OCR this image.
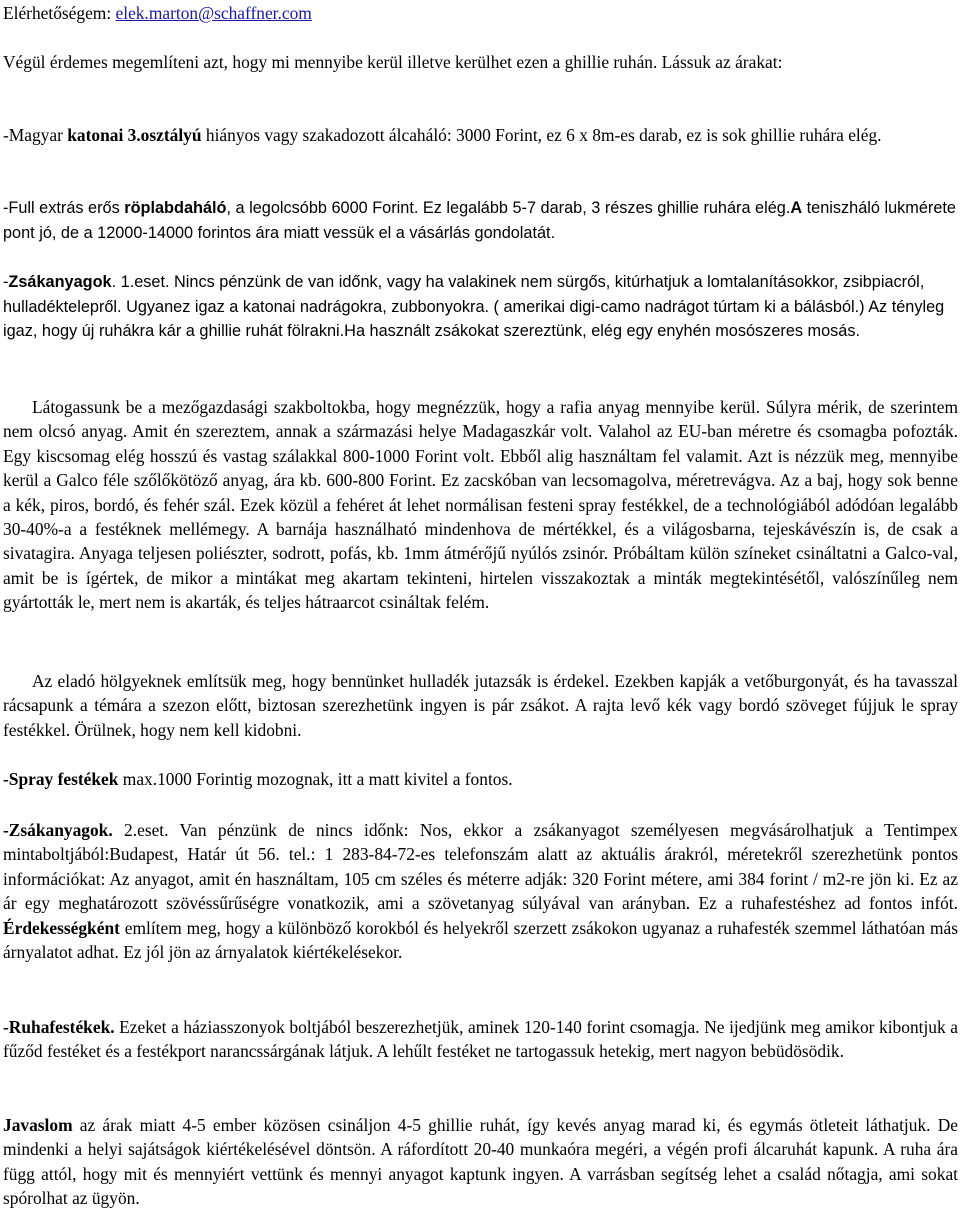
Elérhetőségem: elek.marton@schaffner.com

Végül érdemes megemlíteni azt, hogy mi mennyibe kerül illetve kerülhet ezen a ghillie ruhán. Lássuk az árakat:

-Magyar katonai 3.osztályú hiányos vagy szakadozott álcaháló: 3000 Forint, ez 6 x 8m-es darab, ez is sok ghillie ruhára elég.

-Full extrás erős röplabdaháló, a legolcsóbb 6000 Forint. Ez legalább 5-7 darab, 3 részes ghillie ruhára elég.A teniszháló lukmérete pont jó, de a 12000-14000 forintos ára miatt vessük el a vásárlás gondolatát.

-Zsákanyagok. 1.eset. Nincs pénzünk de van időnk, vagy ha valakinek nem sürgős, kitúrhatjuk a lomtalanításokkor, zsibpiacról, hulladéktelepről. Ugyanez igaz a katonai nadrágokra, zubbonyokra. ( amerikai digi-camo nadrágot túrtam ki a bálásból.) Az tényleg igaz, hogy új ruhákra kár a ghillie ruhát fölrakni.Ha használt zsákokat szereztünk, elég egy enyhén mosószeres mosás.

Látogassunk be a mezőgazdasági szakboltokba, hogy megnézzük, hogy a rafia anyag mennyibe kerül. Súlyra mérik, de szerintem nem olcsó anyag. Amit én szereztem, annak a származási helye Madagaszkár volt. Valahol az EU-ban méretre és csomagba pofozták. Egy kiscsomag elég hosszú és vastag szálakkal 800-1000 Forint volt. Ebből alig használtam fel valamit. Azt is nézzük meg, mennyibe kerül a Galco féle szőlőkötöző anyag, ára kb. 600-800 Forint. Ez zacskóban van lecsomagolva, méretrevágva. Az a baj, hogy sok benne a kék, piros, bordó, és fehér szál. Ezek közül a fehéret át lehet normálisan festeni spray festékkel, de a technológiából adódóan legalább 30-40%-a a festéknek mellémegy. A barnája használható mindenhova de mértékkel, és a világosbarna, tejeskávészín is, de csak a sivatagira. Anyaga teljesen poliészter, sodrott, pofás, kb. 1mm átmérőjű nyúlós zsinór. Próbáltam külön színeket csináltatni a Galco-val, amit be is ígértek, de mikor a mintákat meg akartam tekinteni, hirtelen visszakoztak a minták megtekintésétől, valószínűleg nem gyártották le, mert nem is akarták, és teljes hátraarcot csináltak felém.

Az eladó hölgyeknek említsük meg, hogy bennünket hulladék jutazsák is érdekel. Ezekben kapják a vetőburgonyát, és ha tavasszal rácsapunk a témára a szezon előtt, biztosan szerezhetünk ingyen is pár zsákot. A rajta levő kék vagy bordó szöveget fújjuk le spray festékkel. Örülnek, hogy nem kell kidobni.

-Spray festékek max.1000 Forintig mozognak, itt a matt kivitel a fontos.

-Zsákanyagok. 2.eset. Van pénzünk de nincs időnk: Nos, ekkor a zsákanyagot személyesen megvásárolhatjuk a Tentimpex mintaboltjából:Budapest, Határ út 56. tel.: 1 283-84-72-es telefonszám alatt az aktuális árakról, méretekről szerezhetünk pontos információkat: Az anyagot, amit én használtam, 105 cm széles és méterre adják: 320 Forint métere, ami 384 forint / m2-re jön ki. Ez az ár egy meghatározott szövéssűrűségre vonatkozik, ami a szövetanyag súlyával van arányban. Ez a ruhafestéshez ad fontos infót. Érdekességként említem meg, hogy a különböző korokból és helyekről szerzett zsákokon ugyanaz a ruhafesték szemmel láthatóan más árnyalatot adhat. Ez jól jön az árnyalatok kiértékelésekor.

-Ruhafestékek. Ezeket a háziasszonyok boltjából beszerezhetjük, aminek 120-140 forint csomagja. Ne ijedjünk meg amikor kibontjuk a fűződ festéket és a festékport narancssárgának látjuk. A lehűlt festéket ne tartogassuk hetekig, mert nagyon bebüdösödik.

Javaslom az árak miatt 4-5 ember közösen csináljon 4-5 ghillie ruhát, így kevés anyag marad ki, és egymás ötleteit láthatjuk. De mindenki a helyi sajátságok kiértékelésével döntsön. A ráfordított 20-40 munkaóra megéri, a végén profi álcaruhát kapunk. A ruha ára függ attól, hogy mit és mennyiért vettünk és mennyi anyagot kaptunk ingyen. A varrásban segítség lehet a család nőtagja, ami sokat spórolhat az ügyön.
